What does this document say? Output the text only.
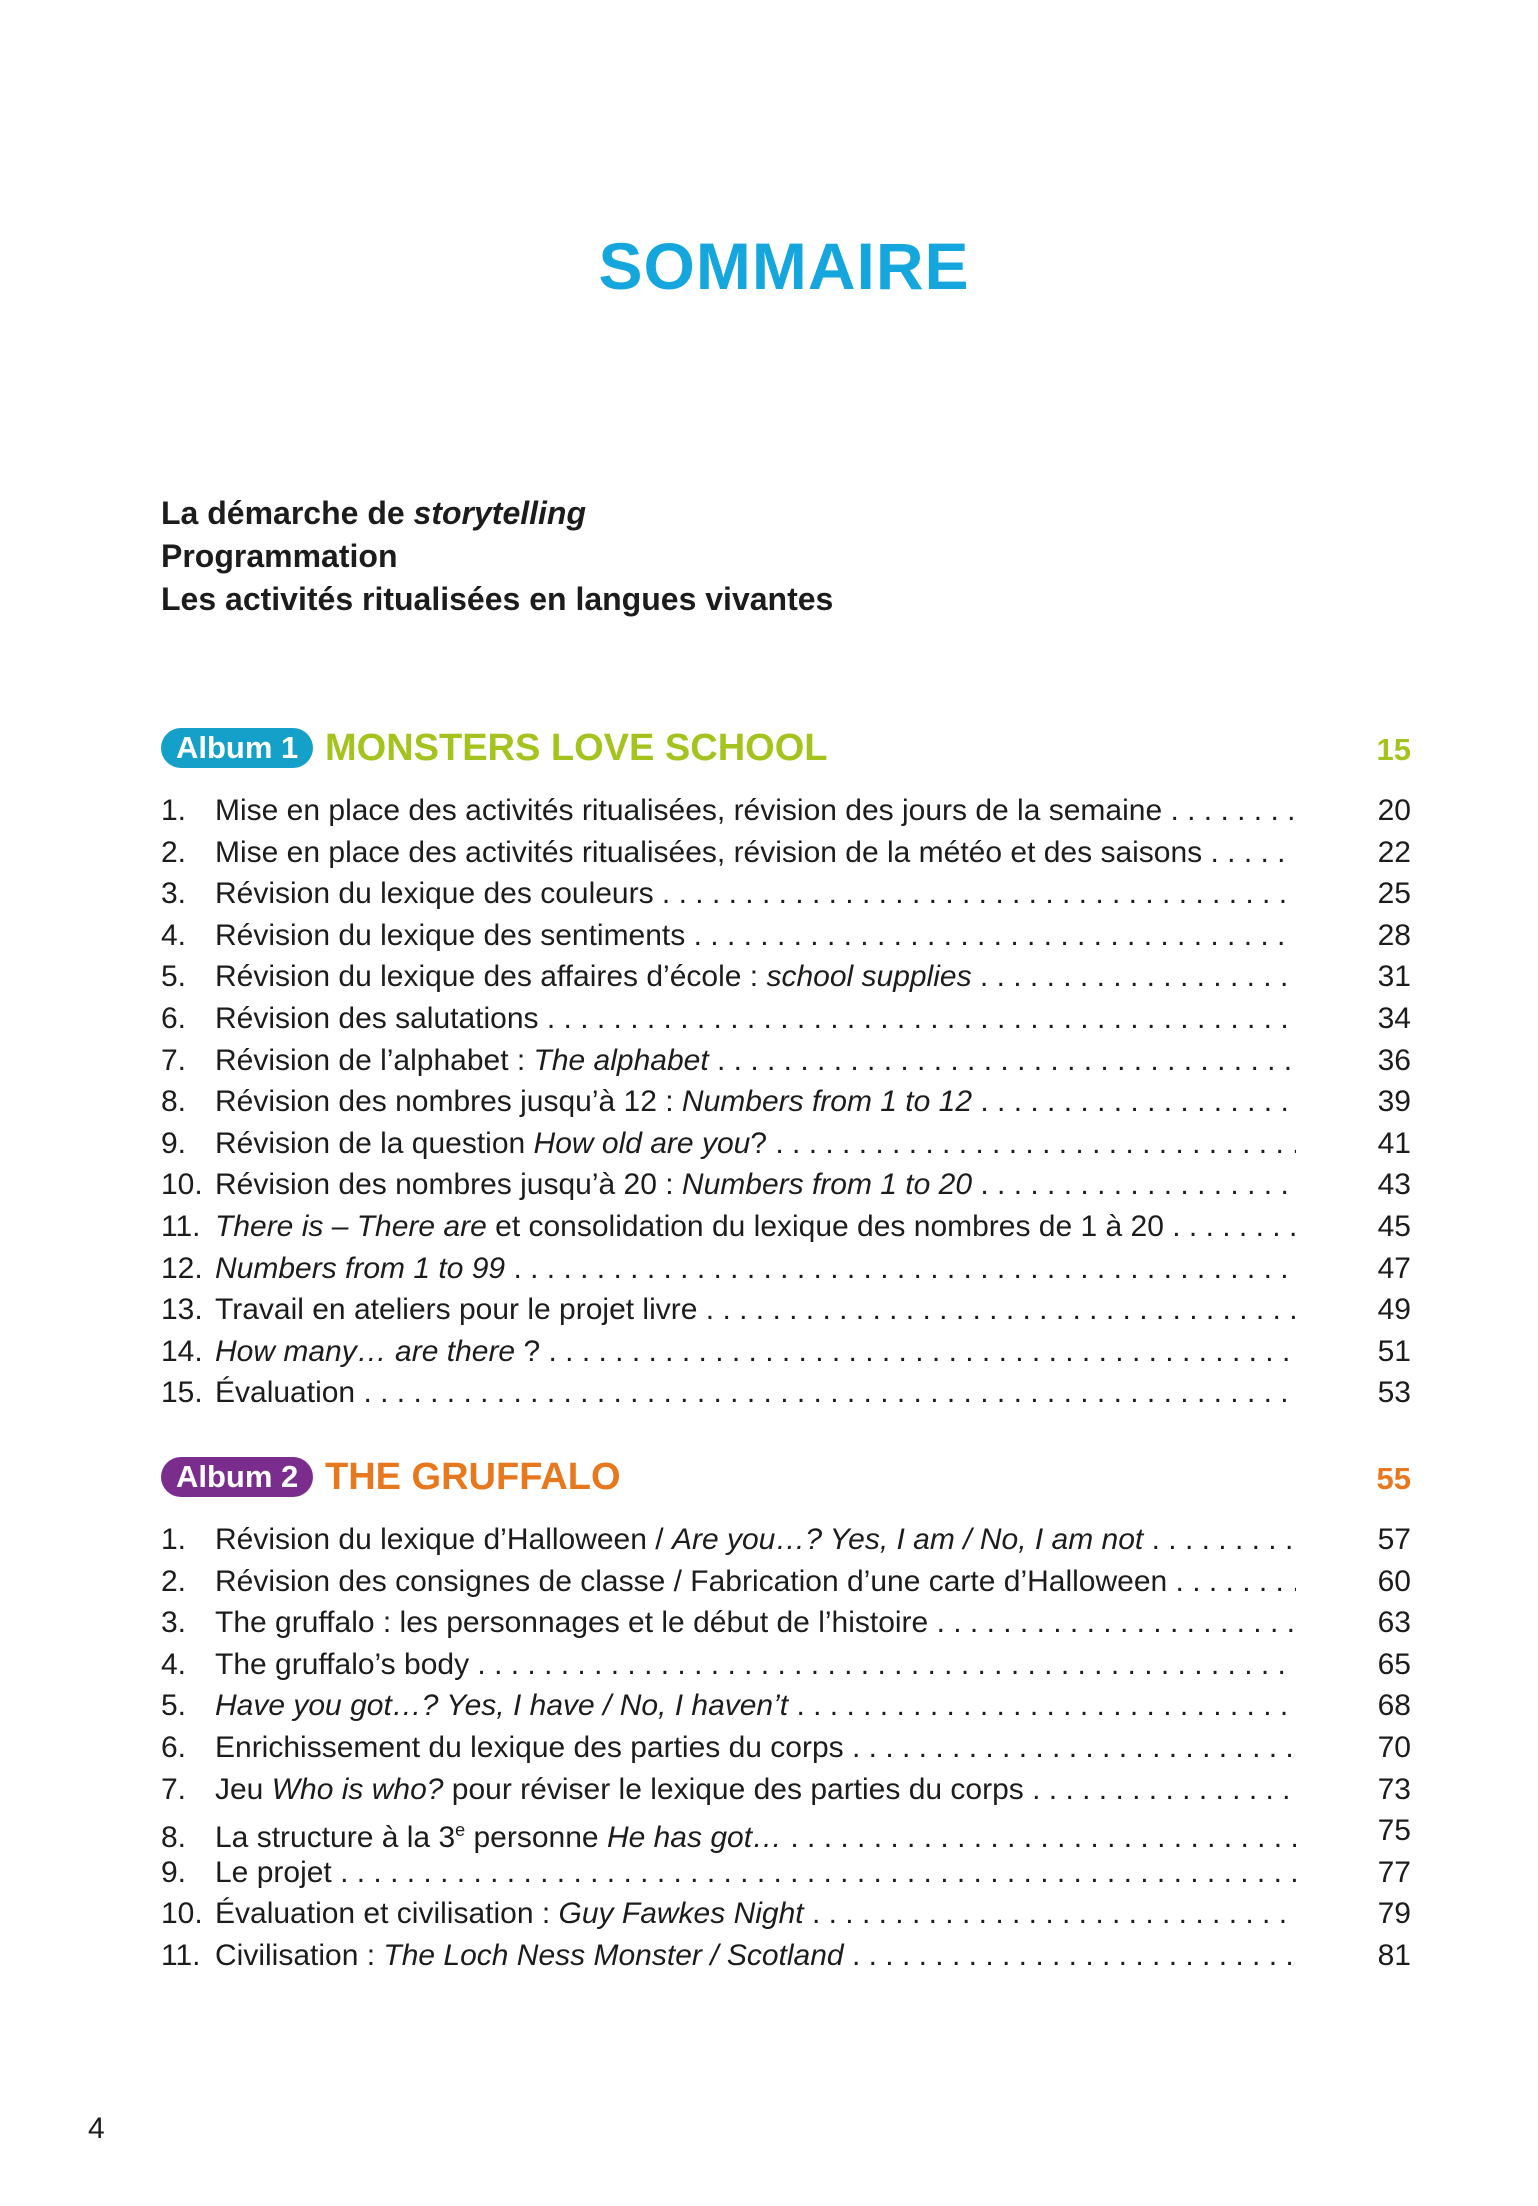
SOMMAIRE
La démarche de storytelling
Programmation
Les activités ritualisées en langues vivantes
Album 1 MONSTERS LOVE SCHOOL	15
1. Mise en place des activités ritualisées, révision des jours de la semaine . . .	20
2. Mise en place des activités ritualisées, révision de la météo et des saisons . . .	22
3. Révision du lexique des couleurs . . .	25
4. Révision du lexique des sentiments . . .	28
5. Révision du lexique des affaires d’école : school supplies . . .	31
6. Révision des salutations . . .	34
7. Révision de l’alphabet : The alphabet . . .	36
8. Révision des nombres jusqu’à 12 : Numbers from 1 to 12 . . .	39
9. Révision de la question How old are you? . . .	41
10. Révision des nombres jusqu’à 20 : Numbers from 1 to 20 . . .	43
11. There is – There are et consolidation du lexique des nombres de 1 à 20 . . .	45
12. Numbers from 1 to 99 . . .	47
13. Travail en ateliers pour le projet livre . . .	49
14. How many… are there ? . . .	51
15. Évaluation . . .	53
Album 2 THE GRUFFALO	55
1. Révision du lexique d’Halloween / Are you…? Yes, I am / No, I am not . . .	57
2. Révision des consignes de classe / Fabrication d’une carte d’Halloween . . .	60
3. The gruffalo : les personnages et le début de l’histoire . . .	63
4. The gruffalo’s body . . .	65
5. Have you got…? Yes, I have / No, I haven’t . . .	68
6. Enrichissement du lexique des parties du corps . . .	70
7. Jeu Who is who? pour réviser le lexique des parties du corps . . .	73
8. La structure à la 3e personne He has got… . . .	75
9. Le projet . . .	77
10. Évaluation et civilisation : Guy Fawkes Night . . .	79
11. Civilisation : The Loch Ness Monster / Scotland . . .	81
4
